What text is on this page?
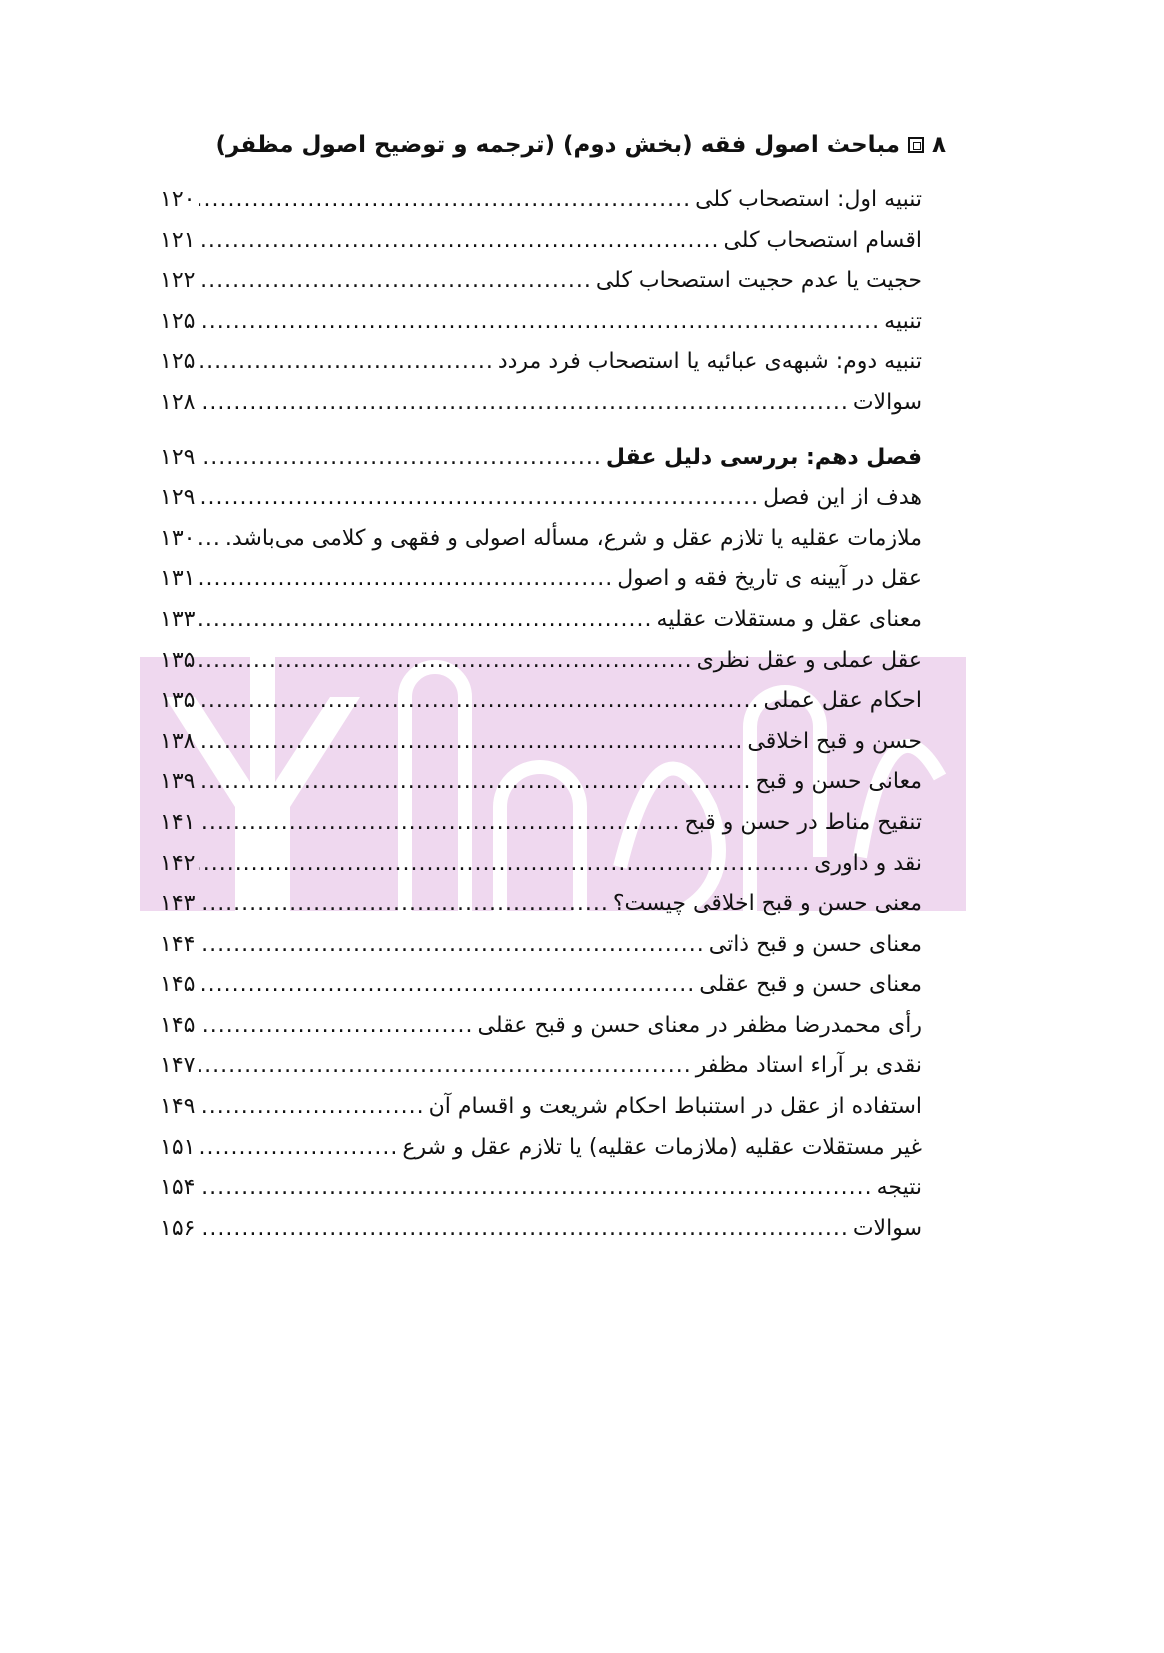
۸
مباحث اصول فقه (بخش دوم) (ترجمه و توضیح اصول مظفر)
تنبیه اول: استصحاب کلی
.....
۱۲۰
اقسام استصحاب کلی
.....
۱۲۱
حجیت یا عدم حجیت استصحاب کلی
.....
۱۲۲
تنبیه
.....
۱۲۵
تنبیه دوم: شبهه‌ی عبائیه یا استصحاب فرد مردد
.....
۱۲۵
سوالات
.....
۱۲۸
فصل دهم: بررسی دلیل عقل
.....
۱۲۹
هدف از این فصل
.....
۱۲۹
ملازمات عقلیه یا تلازم عقل و شرع، مسأله اصولی و فقهی و کلامی می‌باشد.
.....
۱۳۰
عقل در آیینه ی تاریخ فقه و اصول
.....
۱۳۱
معنای عقل و مستقلات عقلیه
.....
۱۳۳
عقل عملی و عقل نظری
.....
۱۳۵
احکام عقل عملی
.....
۱۳۵
حسن و قبح اخلاقی
.....
۱۳۸
معانی حسن و قبح
.....
۱۳۹
تنقیح مناط در حسن و قبح
.....
۱۴۱
نقد و داوری
.....
۱۴۲
معنی حسن و قبح اخلاقی چیست؟
.....
۱۴۳
معنای حسن و قبح ذاتی
.....
۱۴۴
معنای حسن و قبح عقلی
.....
۱۴۵
رأی محمدرضا مظفر در معنای حسن و قبح عقلی
.....
۱۴۵
نقدی بر آراء استاد مظفر
.....
۱۴۷
استفاده از عقل در استنباط احکام شریعت و اقسام آن
.....
۱۴۹
غیر مستقلات عقلیه (ملازمات عقلیه) یا تلازم عقل و شرع
.....
۱۵۱
نتیجه
.....
۱۵۴
سوالات
.....
۱۵۶
